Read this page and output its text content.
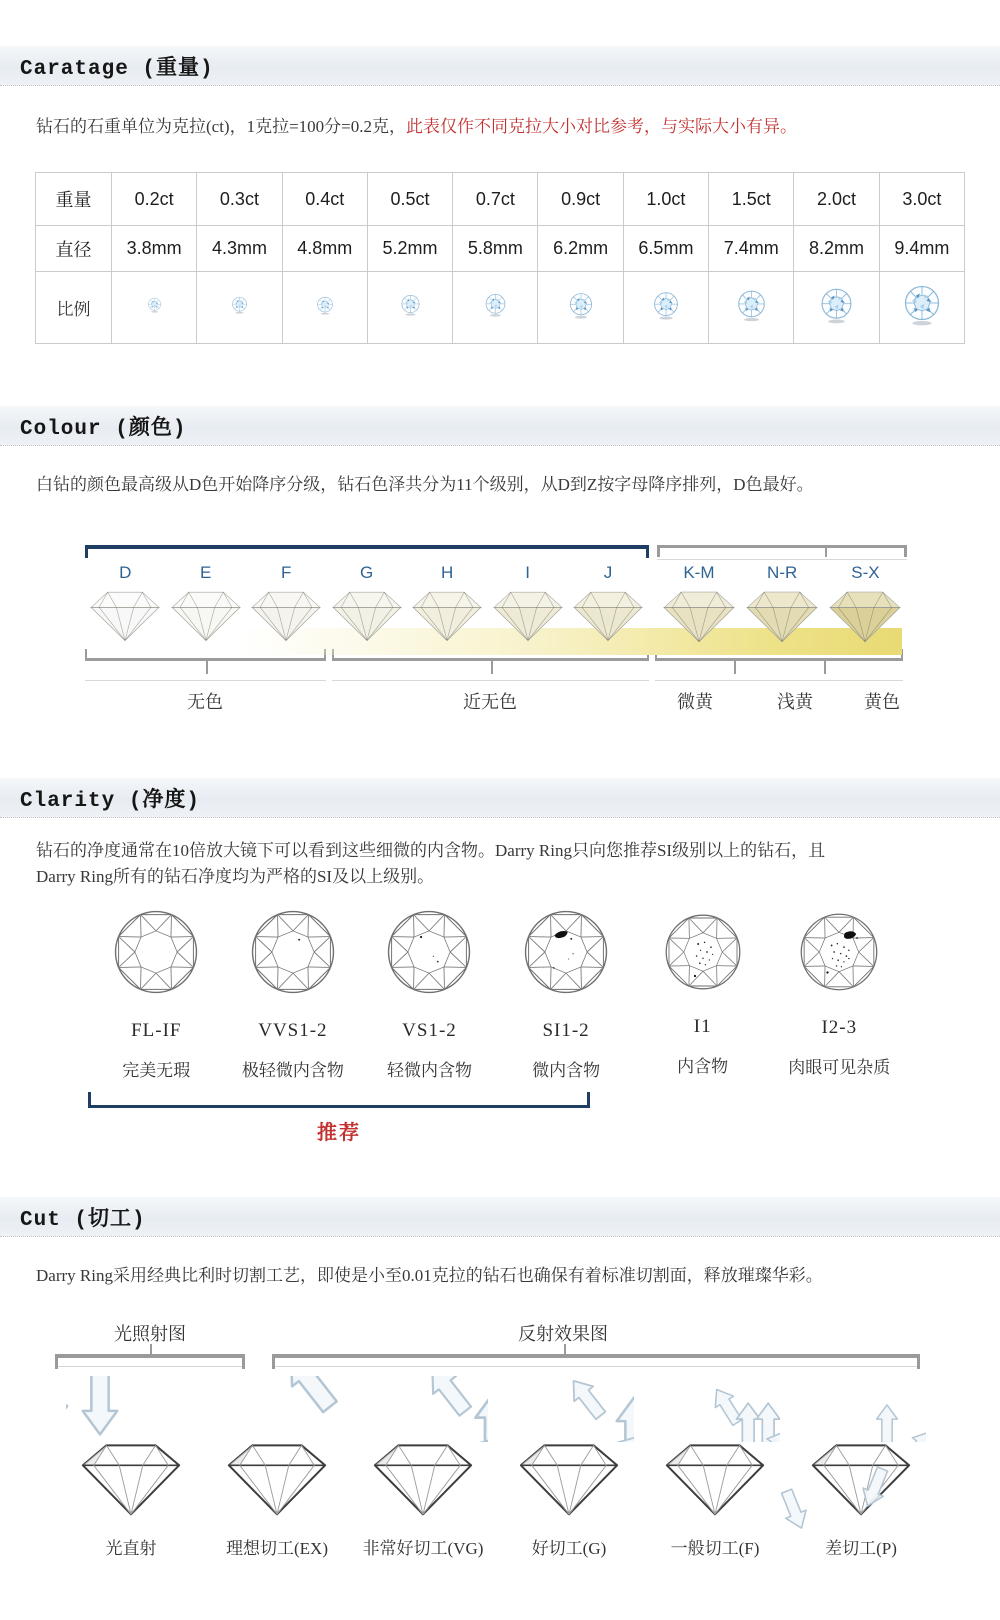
Caratage (重量)

钻石的石重单位为克拉(ct)，1克拉=100分=0.2克，此表仅作不同克拉大小对比参考，与实际大小有异。

重量	0.2ct	0.3ct	0.4ct	0.5ct	0.7ct	0.9ct	1.0ct	1.5ct	2.0ct	3.0ct
直径	3.8mm	4.3mm	4.8mm	5.2mm	5.8mm	6.2mm	6.5mm	7.4mm	8.2mm	9.4mm
比例										
Colour (颜色)

白钻的颜色最高级从D色开始降序分级，钻石色泽共分为11个级别，从D到Z按字母降序排列，D色最好。

D	E	F	G	H	I	J	K-M	N-R	S-X
无色	近无色	微黄	浅黄	黄色
Clarity (净度)

钻石的净度通常在10倍放大镜下可以看到这些细微的内含物。Darry Ring只向您推荐SI级别以上的钻石，且
Darry Ring所有的钻石净度均为严格的SI及以上级别。

FL-IF
完美无瑕
VVS1-2
极轻微内含物
VS1-2
轻微内含物
SI1-2
微内含物
I1
内含物
I2-3
肉眼可见杂质
推荐
Cut (切工)

Darry Ring采用经典比利时切割工艺，即使是小至0.01克拉的钻石也确保有着标准切割面，释放璀璨华彩。

光照射图	反射效果图
光直射	理想切工(EX)	非常好切工(VG)	好切工(G)	一般切工(F)	差切工(P)
